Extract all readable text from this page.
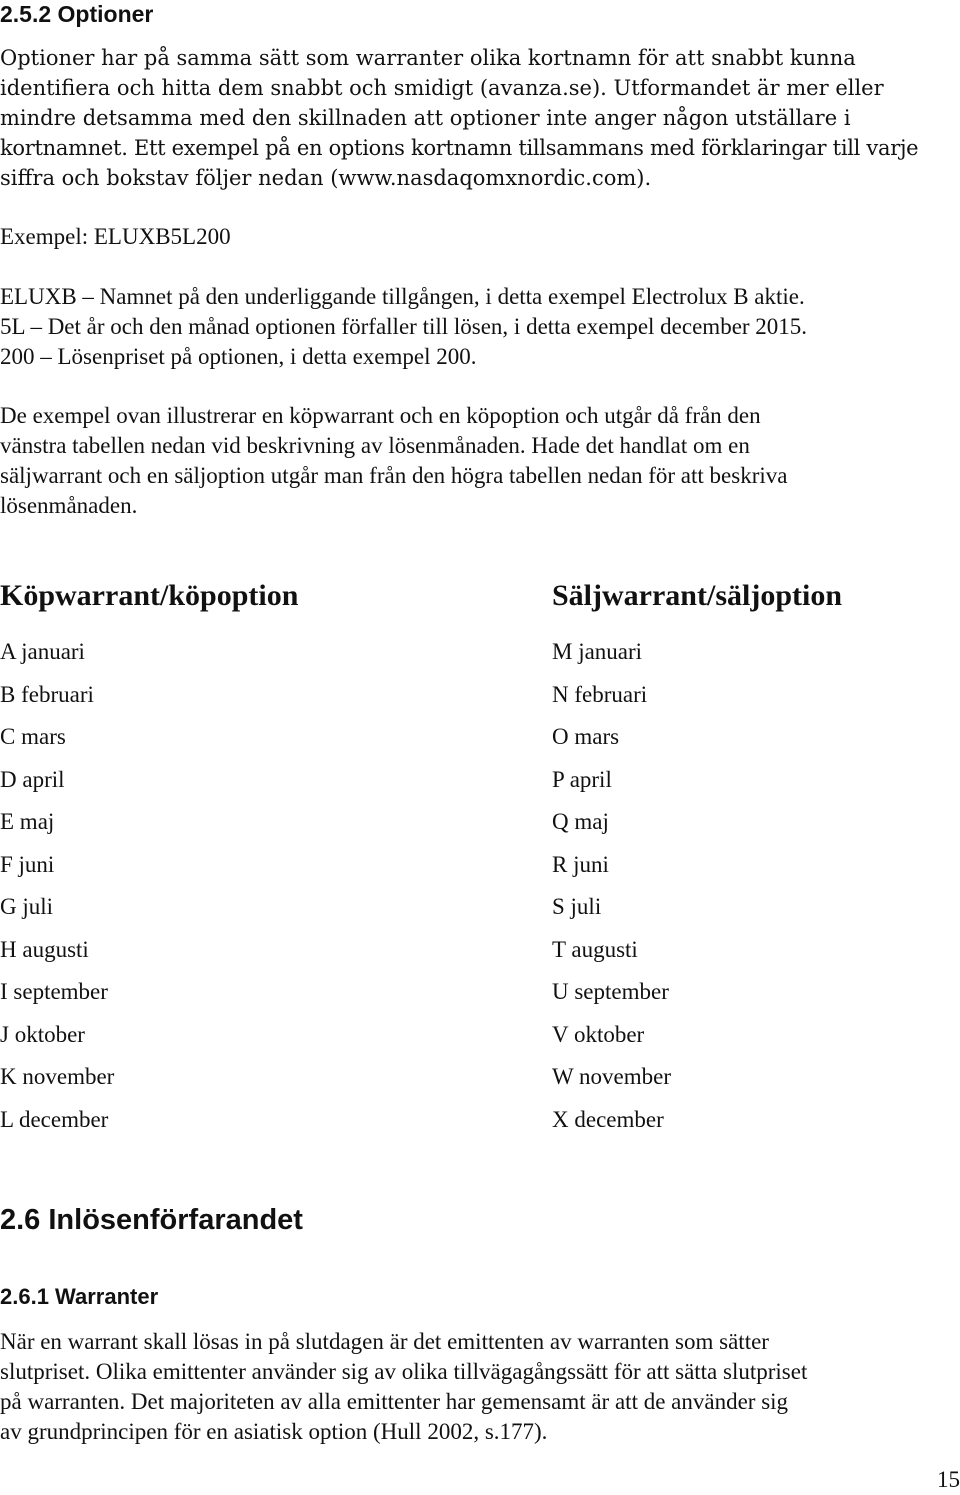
2.5.2 Optioner
Optioner har på samma sätt som warranter olika kortnamn för att snabbt kunna
identifiera och hitta dem snabbt och smidigt (avanza.se). Utformandet är mer eller
mindre detsamma med den skillnaden att optioner inte anger någon utställare i
kortnamnet. Ett exempel på en options kortnamn tillsammans med förklaringar till varje
siffra och bokstav följer nedan (www.nasdaqomxnordic.com).
Exempel: ELUXB5L200
ELUXB – Namnet på den underliggande tillgången, i detta exempel Electrolux B aktie.
5L – Det år och den månad optionen förfaller till lösen, i detta exempel december 2015.
200 – Lösenpriset på optionen, i detta exempel 200.
De exempel ovan illustrerar en köpwarrant och en köpoption och utgår då från den
vänstra tabellen nedan vid beskrivning av lösenmånaden. Hade det handlat om en
säljwarrant och en säljoption utgår man från den högra tabellen nedan för att beskriva
lösenmånaden.
Köpwarrant/köpoption
A januari
B februari
C mars
D april
E maj
F juni
G juli
H augusti
I september
J oktober
K november
L december
Säljwarrant/säljoption
M januari
N februari
O mars
P april
Q maj
R juni
S juli
T augusti
U september
V oktober
W november
X december
2.6 Inlösenförfarandet
2.6.1 Warranter
När en warrant skall lösas in på slutdagen är det emittenten av warranten som sätter
slutpriset. Olika emittenter använder sig av olika tillvägagångssätt för att sätta slutpriset
på warranten. Det majoriteten av alla emittenter har gemensamt är att de använder sig
av grundprincipen för en asiatisk option (Hull 2002, s.177).
15
